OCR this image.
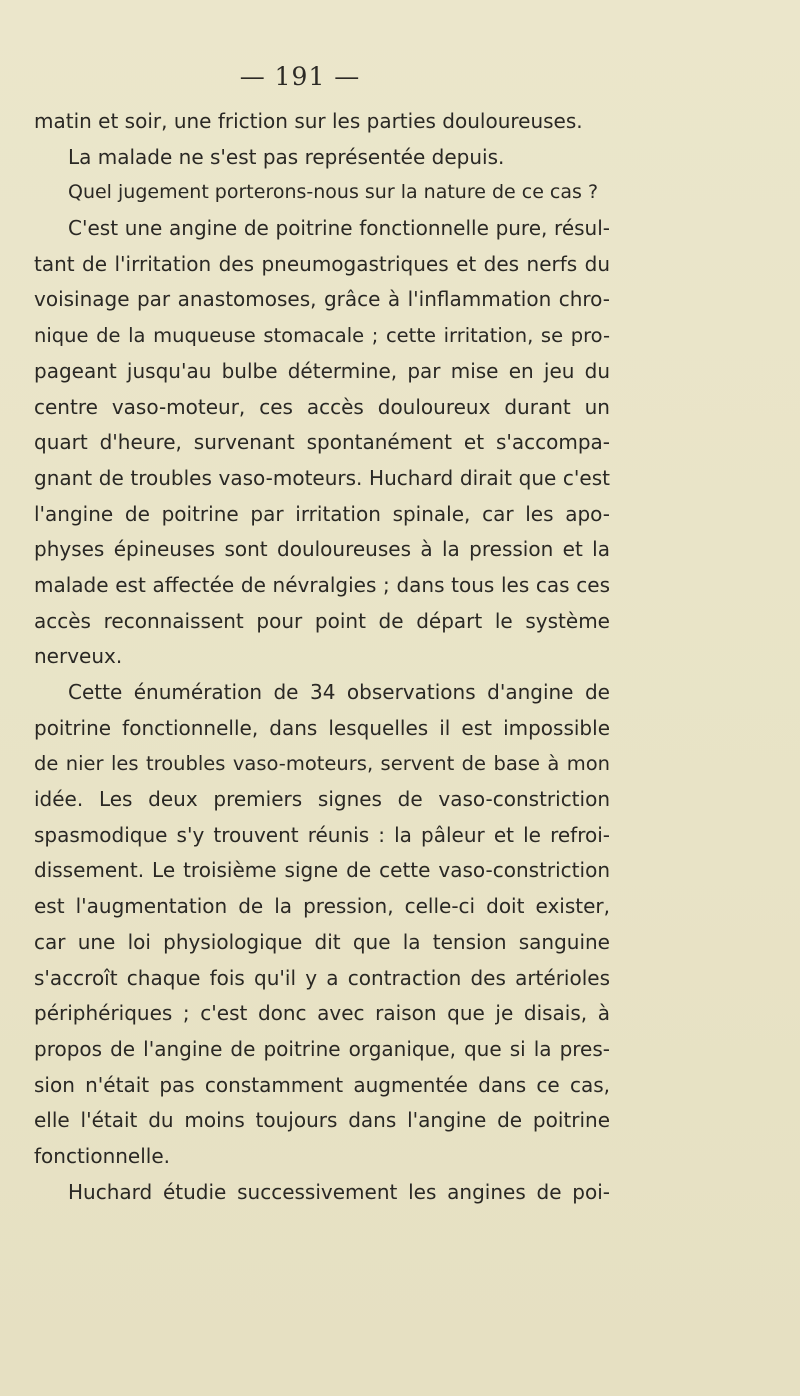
— 191 —
matin et soir, une friction sur les parties douloureuses.
La malade ne s'est pas représentée depuis.
Quel jugement porterons-nous sur la nature de ce cas ?
C'est une angine de poitrine fonctionnelle pure, résul-
tant de l'irritation des pneumogastriques et des nerfs du
voisinage par anastomoses, grâce à l'inflammation chro-
nique de la muqueuse stomacale ; cette irritation, se pro-
pageant jusqu'au bulbe détermine, par mise en jeu du
centre vaso-moteur, ces accès douloureux durant un
quart d'heure, survenant spontanément et s'accompa-
gnant de troubles vaso-moteurs. Huchard dirait que c'est
l'angine de poitrine par irritation spinale, car les apo-
physes épineuses sont douloureuses à la pression et la
malade est affectée de névralgies ; dans tous les cas ces
accès reconnaissent pour point de départ le système
nerveux.
Cette énumération de 34 observations d'angine de
poitrine fonctionnelle, dans lesquelles il est impossible
de nier les troubles vaso-moteurs, servent de base à mon
idée. Les deux premiers signes de vaso-constriction
spasmodique s'y trouvent réunis : la pâleur et le refroi-
dissement. Le troisième signe de cette vaso-constriction
est l'augmentation de la pression, celle-ci doit exister,
car une loi physiologique dit que la tension sanguine
s'accroît chaque fois qu'il y a contraction des artérioles
périphériques ; c'est donc avec raison que je disais, à
propos de l'angine de poitrine organique, que si la pres-
sion n'était pas constamment augmentée dans ce cas,
elle l'était du moins toujours dans l'angine de poitrine
fonctionnelle.
Huchard étudie successivement les angines de poi-
